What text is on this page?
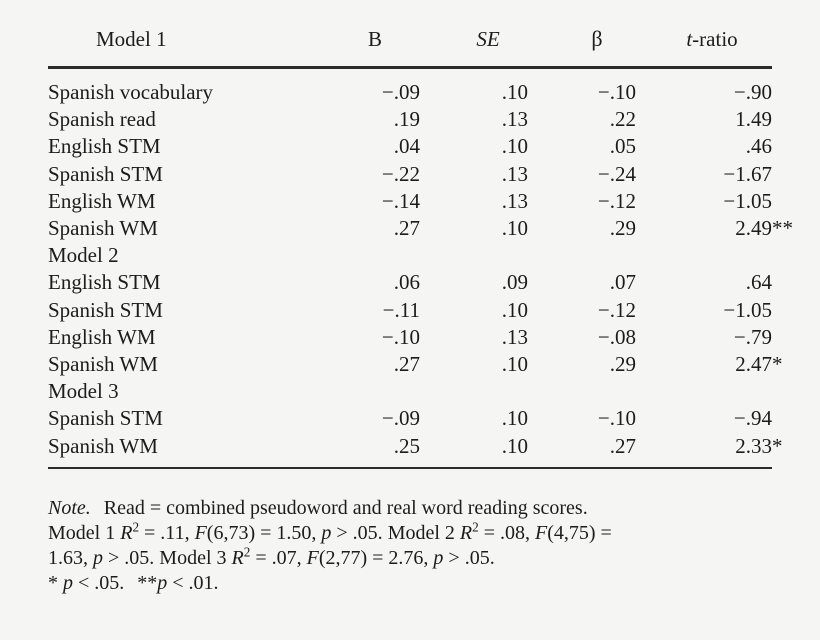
Model 1	B	SE	β	t-ratio

Spanish vocabulary	−.09	.10	−.10	−.90

Spanish read	.19	.13	.22	1.49

English STM	.04	.10	.05	.46

Spanish STM	−.22	.13	−.24	−1.67

English WM	−.14	.13	−.12	−1.05

Spanish WM	.27	.10	.29	2.49 **

Model 2				

English STM	.06	.09	.07	.64

Spanish STM	−.11	.10	−.12	−1.05

English WM	−.10	.13	−.08	−.79

Spanish WM	.27	.10	.29	2.47 *

Model 3				

Spanish STM	−.09	.10	−.10	−.94

Spanish WM	.25	.10	.27	2.33 *

Note. Read = combined pseudoword and real word reading scores.
Model 1 $R^2 = .11$, F(6,73) = 1.50, p > .05. Model 2 $R^2 = .08$, F(4,75) =
1.63, p > .05. Model 3 $R^2 = .07$, F(2,77) = 2.76, p > .05.
* p < .05. **p < .01.
